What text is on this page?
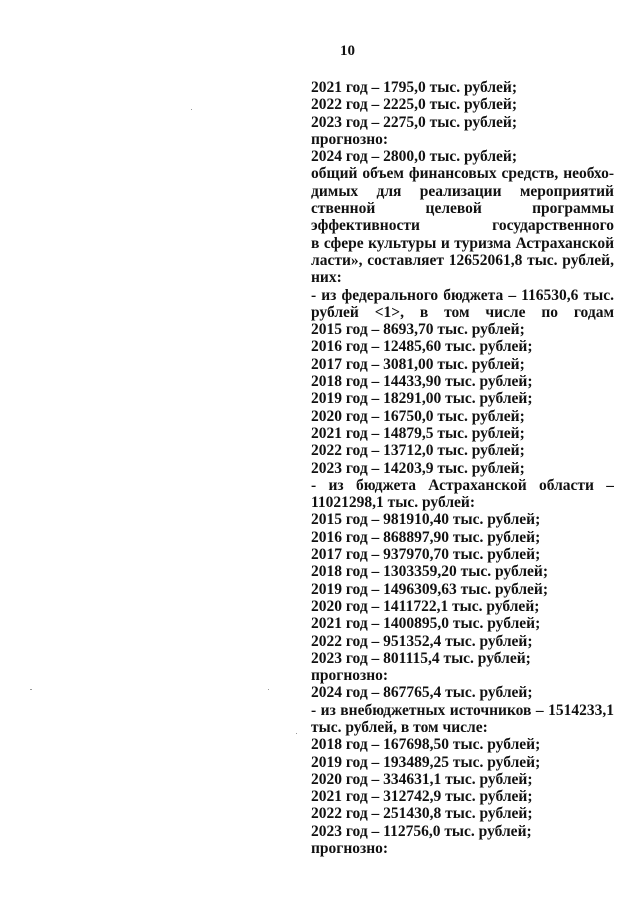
10
2021 год – 1795,0 тыс. рублей;
2022 год – 2225,0 тыс. рублей;
2023 год – 2275,0 тыс. рублей;
прогнозно:
2024 год – 2800,0 тыс. рублей;
общий объем финансовых средств, необхо-
димых для реализации мероприятий
ственной целевой программы
эффективности государственного
в сфере культуры и туризма Астраханской
ласти», составляет 12652061,8 тыс. рублей,
них:
- из федерального бюджета – 116530,6 тыс.
рублей <1>, в том числе по годам
2015 год – 8693,70 тыс. рублей;
2016 год – 12485,60 тыс. рублей;
2017 год – 3081,00 тыс. рублей;
2018 год – 14433,90 тыс. рублей;
2019 год – 18291,00 тыс. рублей;
2020 год – 16750,0 тыс. рублей;
2021 год – 14879,5 тыс. рублей;
2022 год – 13712,0 тыс. рублей;
2023 год – 14203,9 тыс. рублей;
- из бюджета Астраханской области –
11021298,1 тыс. рублей:
2015 год – 981910,40 тыс. рублей;
2016 год – 868897,90 тыс. рублей;
2017 год – 937970,70 тыс. рублей;
2018 год – 1303359,20 тыс. рублей;
2019 год – 1496309,63 тыс. рублей;
2020 год – 1411722,1 тыс. рублей;
2021 год – 1400895,0 тыс. рублей;
2022 год – 951352,4 тыс. рублей;
2023 год – 801115,4 тыс. рублей;
прогнозно:
2024 год – 867765,4 тыс. рублей;
- из внебюджетных источников – 1514233,1
тыс. рублей, в том числе:
2018 год – 167698,50 тыс. рублей;
2019 год – 193489,25 тыс. рублей;
2020 год – 334631,1 тыс. рублей;
2021 год – 312742,9 тыс. рублей;
2022 год – 251430,8 тыс. рублей;
2023 год – 112756,0 тыс. рублей;
прогнозно:
